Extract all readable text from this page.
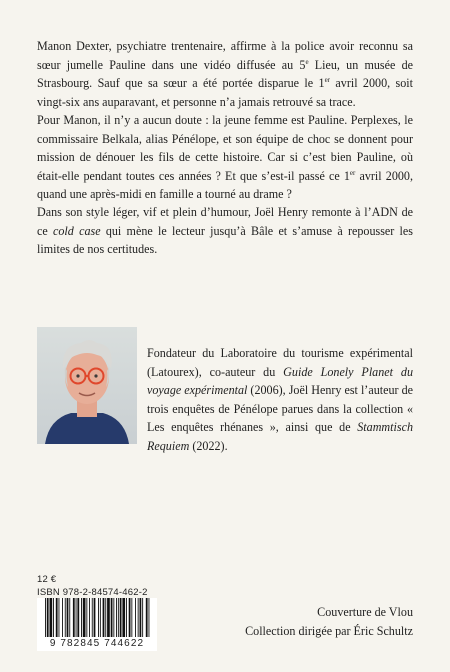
Manon Dexter, psychiatre trentenaire, affirme à la police avoir reconnu sa sœur jumelle Pauline dans une vidéo diffusée au 5e Lieu, un musée de Strasbourg. Sauf que sa sœur a été portée disparue le 1er avril 2000, soit vingt-six ans auparavant, et personne n’a jamais retrouvé sa trace.

Pour Manon, il n’y a aucun doute : la jeune femme est Pauline. Perplexes, le commissaire Belkala, alias Pénélope, et son équipe de choc se donnent pour mission de dénouer les fils de cette histoire. Car si c’est bien Pauline, où était-elle pendant toutes ces années ? Et que s’est-il passé ce 1er avril 2000, quand une après-midi en famille a tourné au drame ?

Dans son style léger, vif et plein d’humour, Joël Henry remonte à l’ADN de ce cold case qui mène le lecteur jusqu’à Bâle et s’amuse à repousser les limites de nos certitudes.

Fondateur du Laboratoire du tourisme expérimental (Latourex), co-auteur du Guide Lonely Planet du voyage expérimental (2006), Joël Henry est l’auteur de trois enquêtes de Pénélope parues dans la collection « Les enquêtes rhénanes », ainsi que de Stammtisch Requiem (2022).

12 €
ISBN 978-2-84574-462-2
9 782845 744622
Couverture de Vlou
Collection dirigée par Éric Schultz
